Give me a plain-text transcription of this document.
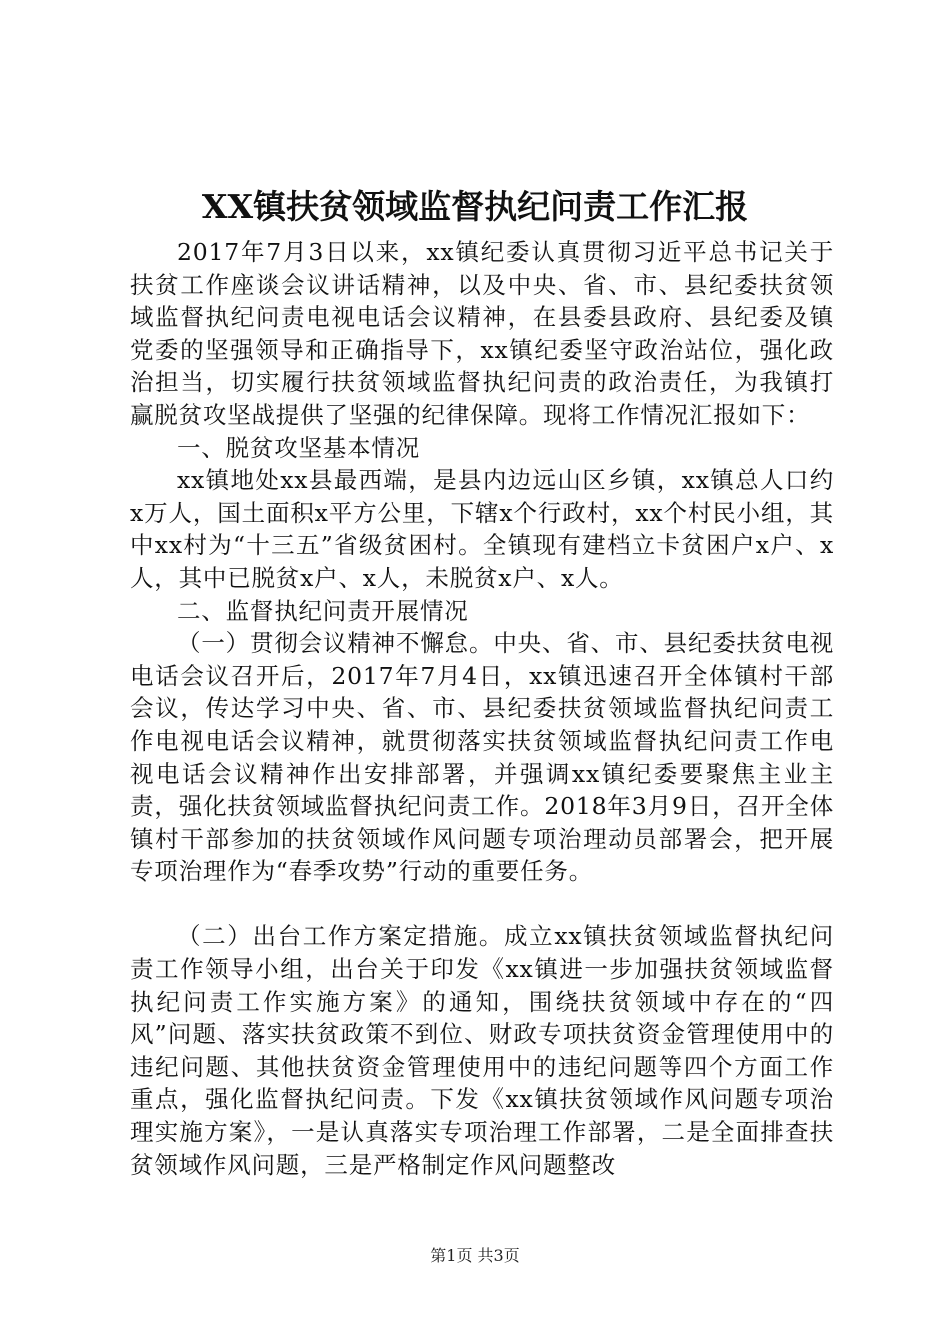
XX镇扶贫领域监督执纪问责工作汇报

2017年7月3日以来，xx镇纪委认真贯彻习近平总书记关于扶贫工作座谈会议讲话精神，以及中央、省、市、县纪委扶贫领域监督执纪问责电视电话会议精神，在县委县政府、县纪委及镇党委的坚强领导和正确指导下，xx镇纪委坚守政治站位，强化政治担当，切实履行扶贫领域监督执纪问责的政治责任，为我镇打赢脱贫攻坚战提供了坚强的纪律保障。现将工作情况汇报如下：

一、脱贫攻坚基本情况

xx镇地处xx县最西端，是县内边远山区乡镇，xx镇总人口约x万人，国土面积x平方公里，下辖x个行政村，xx个村民小组，其中xx村为“十三五”省级贫困村。全镇现有建档立卡贫困户x户、x人，其中已脱贫x户、x人，未脱贫x户、x人。

二、监督执纪问责开展情况

（一）贯彻会议精神不懈怠。中央、省、市、县纪委扶贫电视电话会议召开后，2017年7月4日，xx镇迅速召开全体镇村干部会议，传达学习中央、省、市、县纪委扶贫领域监督执纪问责工作电视电话会议精神，就贯彻落实扶贫领域监督执纪问责工作电视电话会议精神作出安排部署，并强调xx镇纪委要聚焦主业主责，强化扶贫领域监督执纪问责工作。2018年3月9日，召开全体镇村干部参加的扶贫领域作风问题专项治理动员部署会，把开展专项治理作为“春季攻势”行动的重要任务。

（二）出台工作方案定措施。成立xx镇扶贫领域监督执纪问责工作领导小组，出台关于印发《xx镇进一步加强扶贫领域监督执纪问责工作实施方案》的通知，围绕扶贫领域中存在的“四风”问题、落实扶贫政策不到位、财政专项扶贫资金管理使用中的违纪问题、其他扶贫资金管理使用中的违纪问题等四个方面工作重点，强化监督执纪问责。下发《xx镇扶贫领域作风问题专项治理实施方案》，一是认真落实专项治理工作部署，二是全面排查扶贫领域作风问题，三是严格制定作风问题整改

第1页 共3页
